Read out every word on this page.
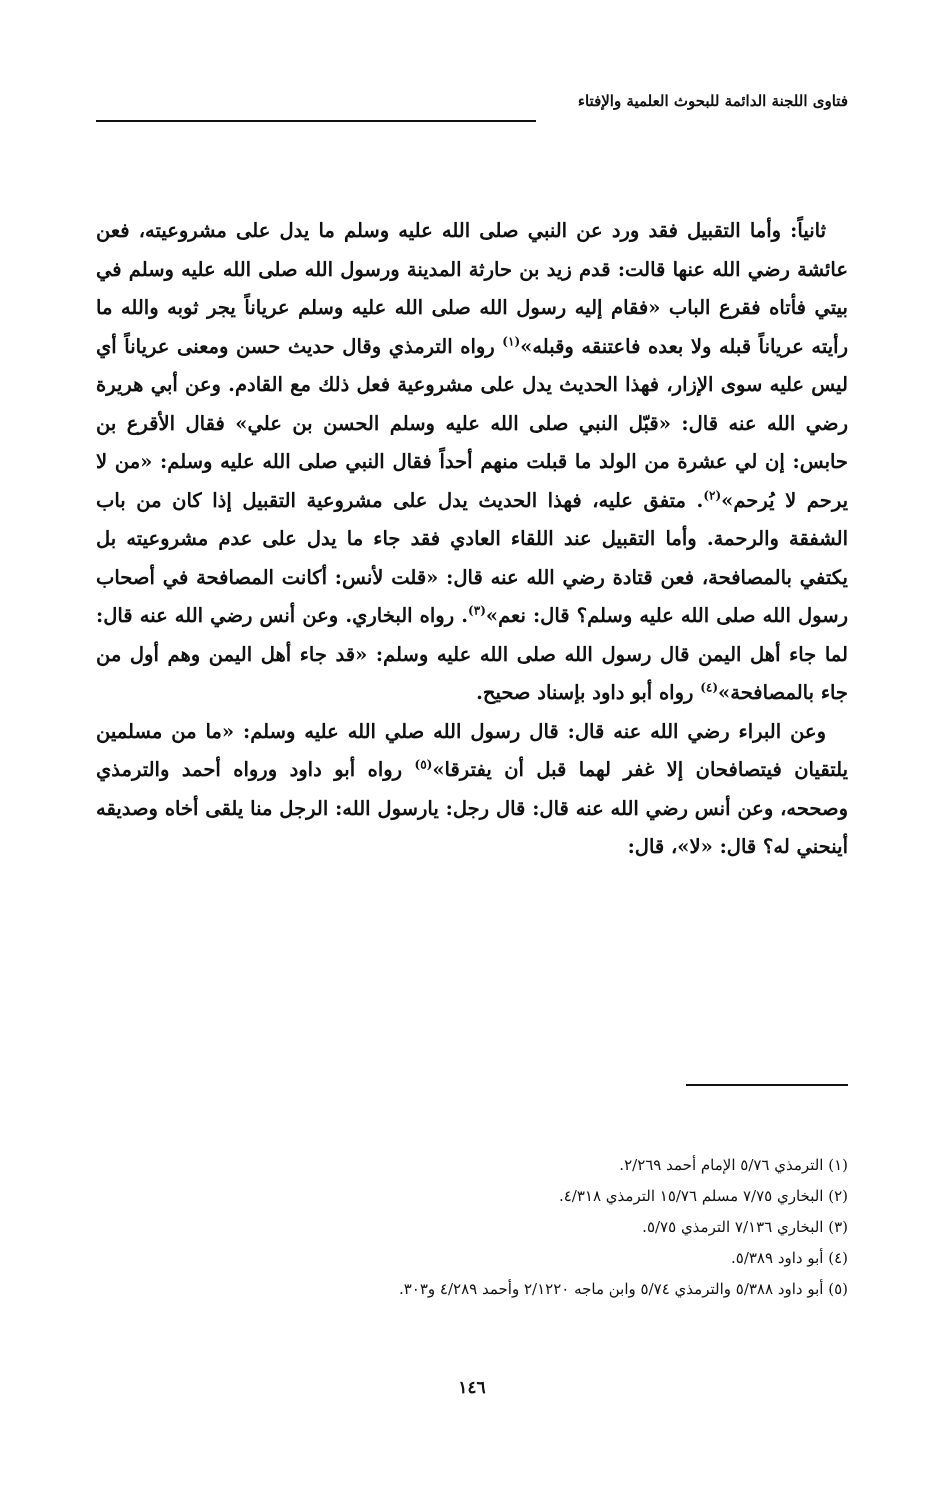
فتاوى اللجنة الدائمة للبحوث العلمية والإفتاء

ثانياً: وأما التقبيل فقد ورد عن النبي صلى الله عليه وسلم ما يدل على مشروعيته، فعن عائشة رضي الله عنها قالت: قدم زيد بن حارثة المدينة ورسول الله صلى الله عليه وسلم في بيتي فأتاه فقرع الباب «فقام إليه رسول الله صلى الله عليه وسلم عرياناً يجر ثوبه والله ما رأيته عرياناً قبله ولا بعده فاعتنقه وقبله»$^{(١)}$ رواه الترمذي وقال حديث حسن ومعنى عرياناً أي ليس عليه سوى الإزار، فهذا الحديث يدل على مشروعية فعل ذلك مع القادم. وعن أبي هريرة رضي الله عنه قال: «قبّل النبي صلى الله عليه وسلم الحسن بن علي» فقال الأقرع بن حابس: إن لي عشرة من الولد ما قبلت منهم أحداً فقال النبي صلى الله عليه وسلم: «من لا يرحم لا يُرحم»$^{(٢)}$. متفق عليه، فهذا الحديث يدل على مشروعية التقبيل إذا كان من باب الشفقة والرحمة. وأما التقبيل عند اللقاء العادي فقد جاء ما يدل على عدم مشروعيته بل يكتفي بالمصافحة، فعن قتادة رضي الله عنه قال: «قلت لأنس: أكانت المصافحة في أصحاب رسول الله صلى الله عليه وسلم؟ قال: نعم»$^{(٣)}$. رواه البخاري. وعن أنس رضي الله عنه قال: لما جاء أهل اليمن قال رسول الله صلى الله عليه وسلم: «قد جاء أهل اليمن وهم أول من جاء بالمصافحة»$^{(٤)}$ رواه أبو داود بإسناد صحيح.

وعن البراء رضي الله عنه قال: قال رسول الله صلي الله عليه وسلم: «ما من مسلمين يلتقيان فيتصافحان إلا غفر لهما قبل أن يفترقا»$^{(٥)}$ رواه أبو داود ورواه أحمد والترمذي وصححه، وعن أنس رضي الله عنه قال: قال رجل: يارسول الله: الرجل منا يلقى أخاه وصديقه أينحني له؟ قال: «لا»، قال:

(١) الترمذي ٥/٧٦ الإمام أحمد ٢/٢٦٩.
(٢) البخاري ٧/٧٥ مسلم ١٥/٧٦ الترمذي ٤/٣١٨.
(٣) البخاري ٧/١٣٦ الترمذي ٥/٧٥.
(٤) أبو داود ٥/٣٨٩.
(٥) أبو داود ٥/٣٨٨ والترمذي ٥/٧٤ وابن ماجه ٢/١٢٢٠ وأحمد ٤/٢٨٩ و٣٠٣.
١٤٦
